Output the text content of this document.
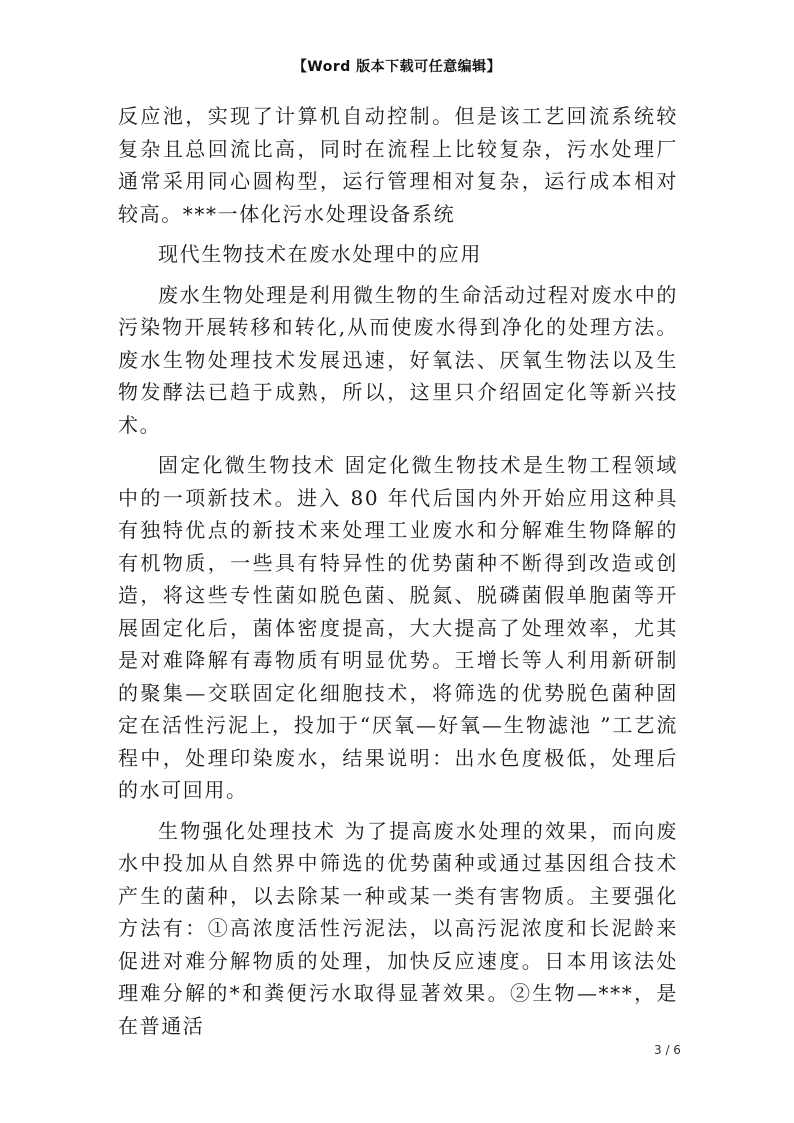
【Word 版本下载可任意编辑】

反应池，实现了计算机自动控制。但是该工艺回流系统较复杂且总回流比高，同时在流程上比较复杂，污水处理厂通常采用同心圆构型，运行管理相对复杂，运行成本相对较高。***一体化污水处理设备系统

现代生物技术在废水处理中的应用

废水生物处理是利用微生物的生命活动过程对废水中的污染物开展转移和转化,从而使废水得到净化的处理方法。废水生物处理技术发展迅速，好氧法、厌氧生物法以及生物发酵法已趋于成熟，所以，这里只介绍固定化等新兴技术。

固定化微生物技术 固定化微生物技术是生物工程领域中的一项新技术。进入 80 年代后国内外开始应用这种具有独特优点的新技术来处理工业废水和分解难生物降解的有机物质，一些具有特异性的优势菌种不断得到改造或创造，将这些专性菌如脱色菌、脱氮、脱磷菌假单胞菌等开展固定化后，菌体密度提高，大大提高了处理效率，尤其是对难降解有毒物质有明显优势。王增长等人利用新研制的聚集—交联固定化细胞技术，将筛选的优势脱色菌种固定在活性污泥上，投加于“厌氧—好氧—生物滤池 ”工艺流程中，处理印染废水，结果说明：出水色度极低，处理后的水可回用。

生物强化处理技术 为了提高废水处理的效果，而向废水中投加从自然界中筛选的优势菌种或通过基因组合技术产生的菌种，以去除某一种或某一类有害物质。主要强化方法有：①高浓度活性污泥法，以高污泥浓度和长泥龄来促进对难分解物质的处理，加快反应速度。日本用该法处理难分解的*和粪便污水取得显著效果。②生物—***，是在普通活

3 / 6
